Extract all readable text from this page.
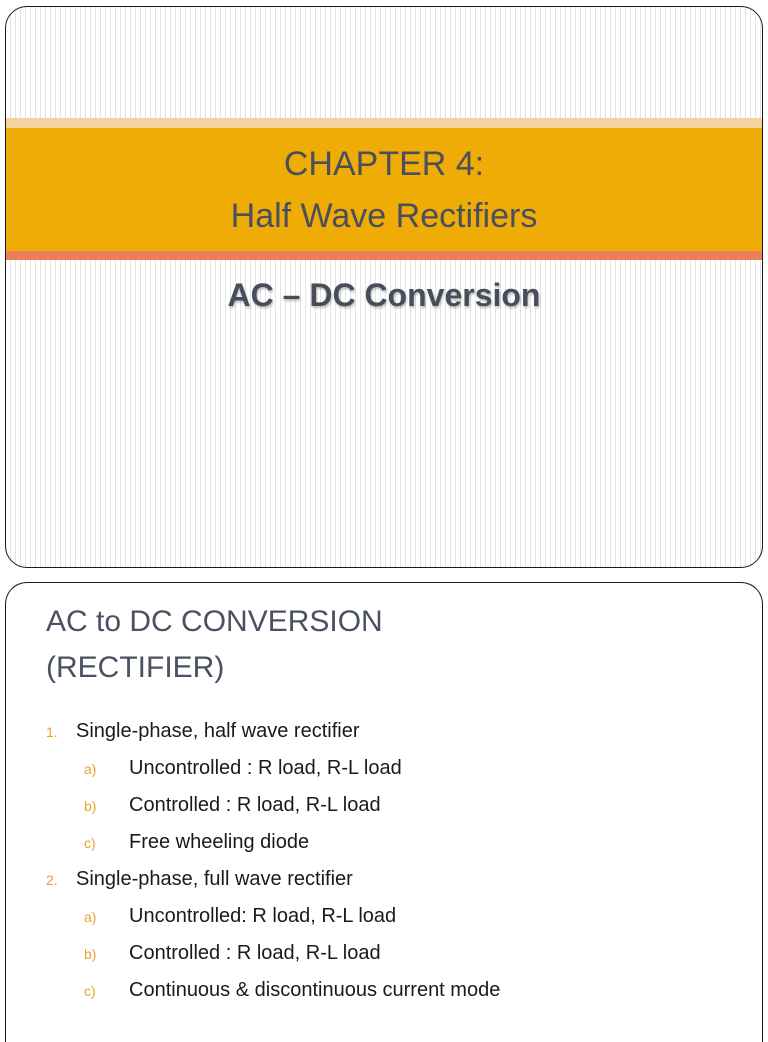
CHAPTER 4:
Half Wave Rectifiers
AC – DC Conversion
AC to DC CONVERSION
(RECTIFIER)
1. Single-phase, half wave rectifier
a)	Uncontrolled : R load, R-L load
b)	Controlled : R load, R-L load
c)	Free wheeling diode
2. Single-phase, full wave rectifier
a)	Uncontrolled: R load, R-L load
b)	Controlled : R load, R-L load
c)	Continuous & discontinuous current mode
